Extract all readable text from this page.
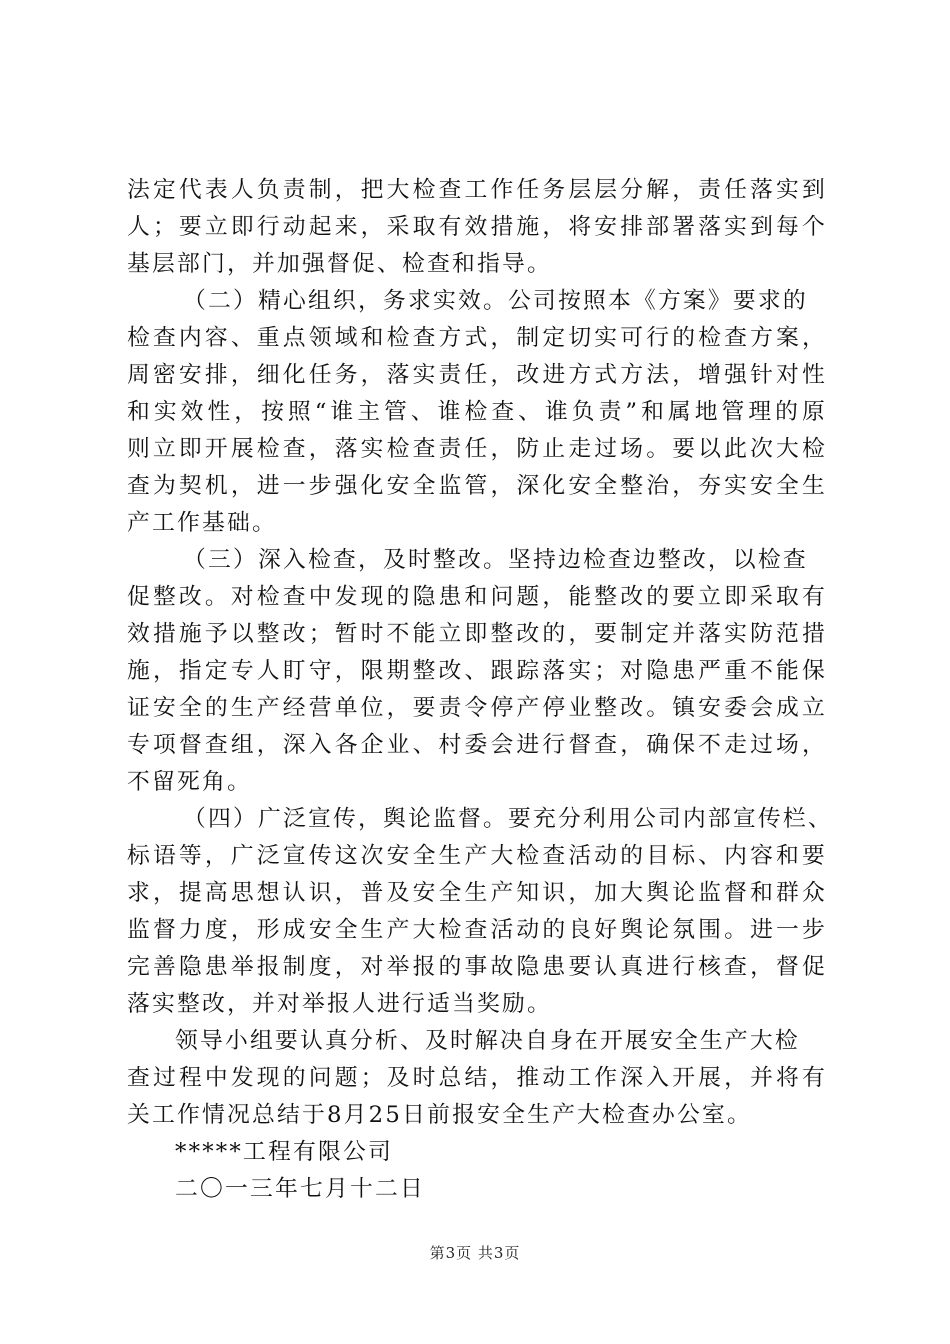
法定代表人负责制，把大检查工作任务层层分解，责任落实到
人；要立即行动起来，采取有效措施，将安排部署落实到每个
基层部门，并加强督促、检查和指导。
（二）精心组织，务求实效。公司按照本《方案》要求的
检查内容、重点领域和检查方式，制定切实可行的检查方案，
周密安排，细化任务，落实责任，改进方式方法，增强针对性
和实效性，按照“谁主管、谁检查、谁负责”和属地管理的原
则立即开展检查，落实检查责任，防止走过场。要以此次大检
查为契机，进一步强化安全监管，深化安全整治，夯实安全生
产工作基础。
（三）深入检查，及时整改。坚持边检查边整改，以检查
促整改。对检查中发现的隐患和问题，能整改的要立即采取有
效措施予以整改；暂时不能立即整改的，要制定并落实防范措
施，指定专人盯守，限期整改、跟踪落实；对隐患严重不能保
证安全的生产经营单位，要责令停产停业整改。镇安委会成立
专项督查组，深入各企业、村委会进行督查，确保不走过场，
不留死角。
（四）广泛宣传，舆论监督。要充分利用公司内部宣传栏、
标语等，广泛宣传这次安全生产大检查活动的目标、内容和要
求，提高思想认识，普及安全生产知识，加大舆论监督和群众
监督力度，形成安全生产大检查活动的良好舆论氛围。进一步
完善隐患举报制度，对举报的事故隐患要认真进行核查，督促
落实整改，并对举报人进行适当奖励。
领导小组要认真分析、及时解决自身在开展安全生产大检
查过程中发现的问题；及时总结，推动工作深入开展，并将有
关工作情况总结于8月25日前报安全生产大检查办公室。
*****工程有限公司
二〇一三年七月十二日
第3页 共3页
